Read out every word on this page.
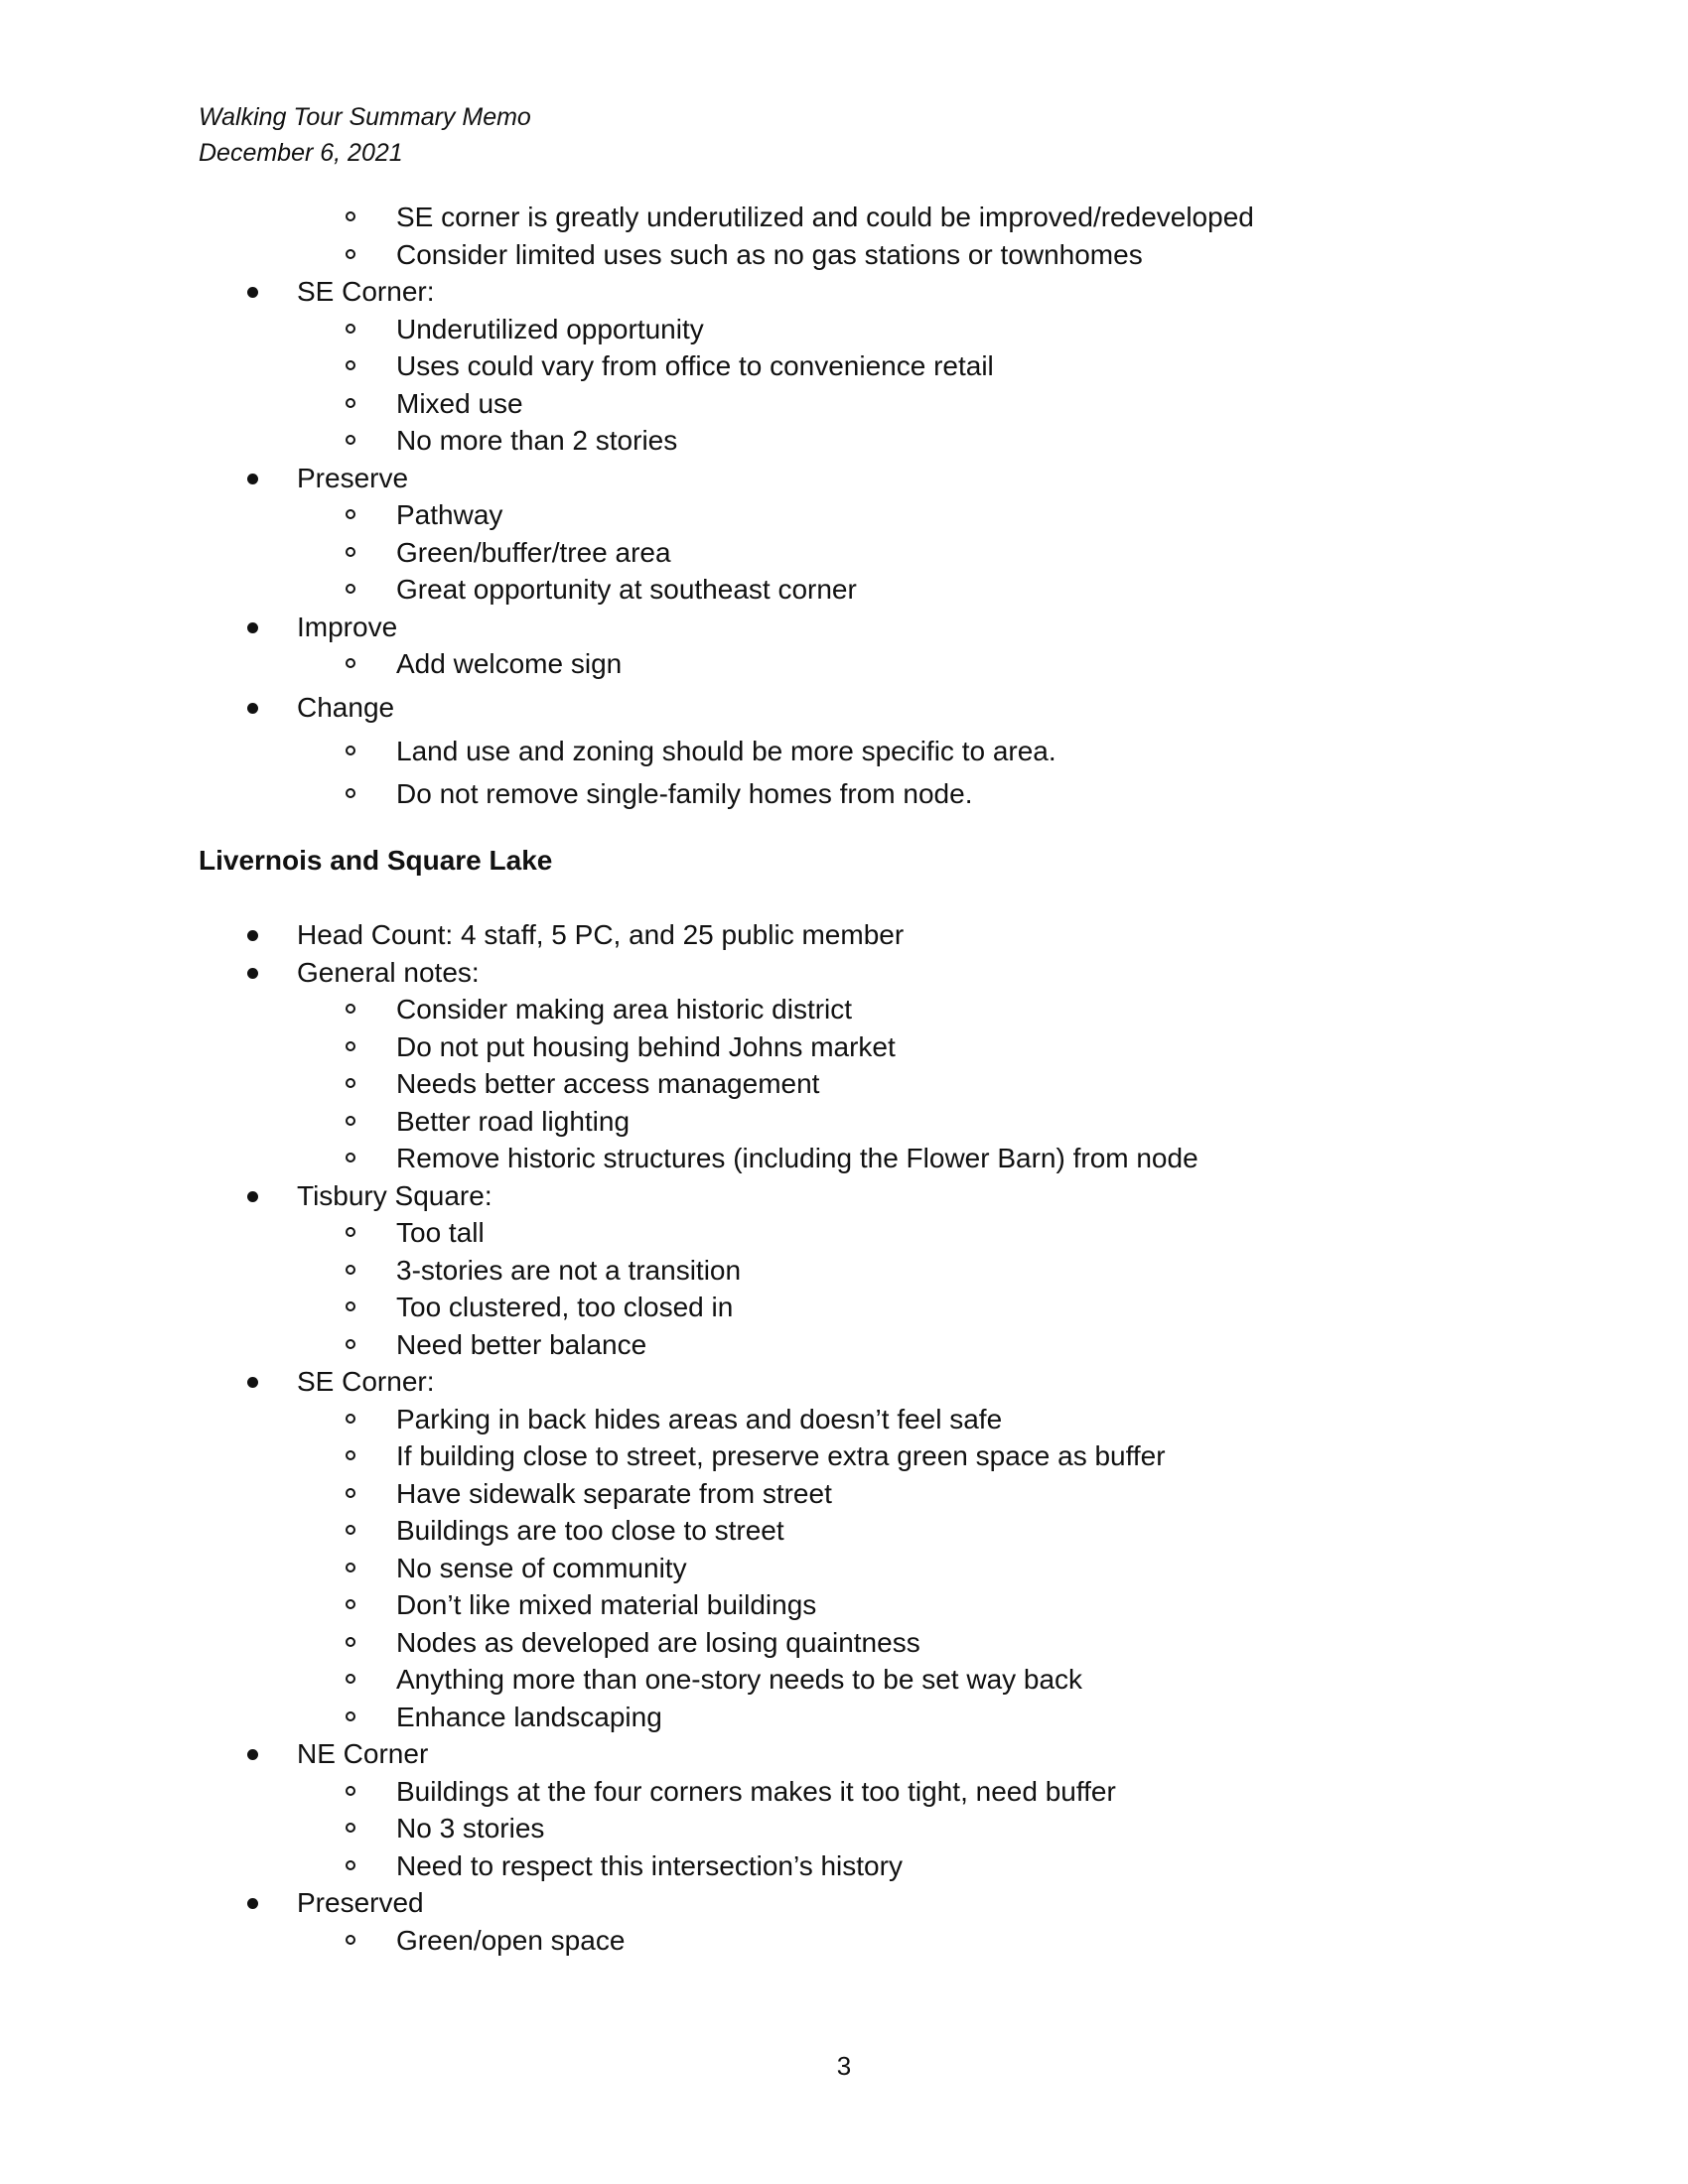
Walking Tour Summary Memo
December 6, 2021
SE corner is greatly underutilized and could be improved/redeveloped
Consider limited uses such as no gas stations or townhomes
SE Corner:
Underutilized opportunity
Uses could vary from office to convenience retail
Mixed use
No more than 2 stories
Preserve
Pathway
Green/buffer/tree area
Great opportunity at southeast corner
Improve
Add welcome sign
Change
Land use and zoning should be more specific to area.
Do not remove single-family homes from node.
Livernois and Square Lake
Head Count: 4 staff, 5 PC, and 25 public member
General notes:
Consider making area historic district
Do not put housing behind Johns market
Needs better access management
Better road lighting
Remove historic structures (including the Flower Barn) from node
Tisbury Square:
Too tall
3-stories are not a transition
Too clustered, too closed in
Need better balance
SE Corner:
Parking in back hides areas and doesn’t feel safe
If building close to street, preserve extra green space as buffer
Have sidewalk separate from street
Buildings are too close to street
No sense of community
Don’t like mixed material buildings
Nodes as developed are losing quaintness
Anything more than one-story needs to be set way back
Enhance landscaping
NE Corner
Buildings at the four corners makes it too tight, need buffer
No 3 stories
Need to respect this intersection’s history
Preserved
Green/open space
3
